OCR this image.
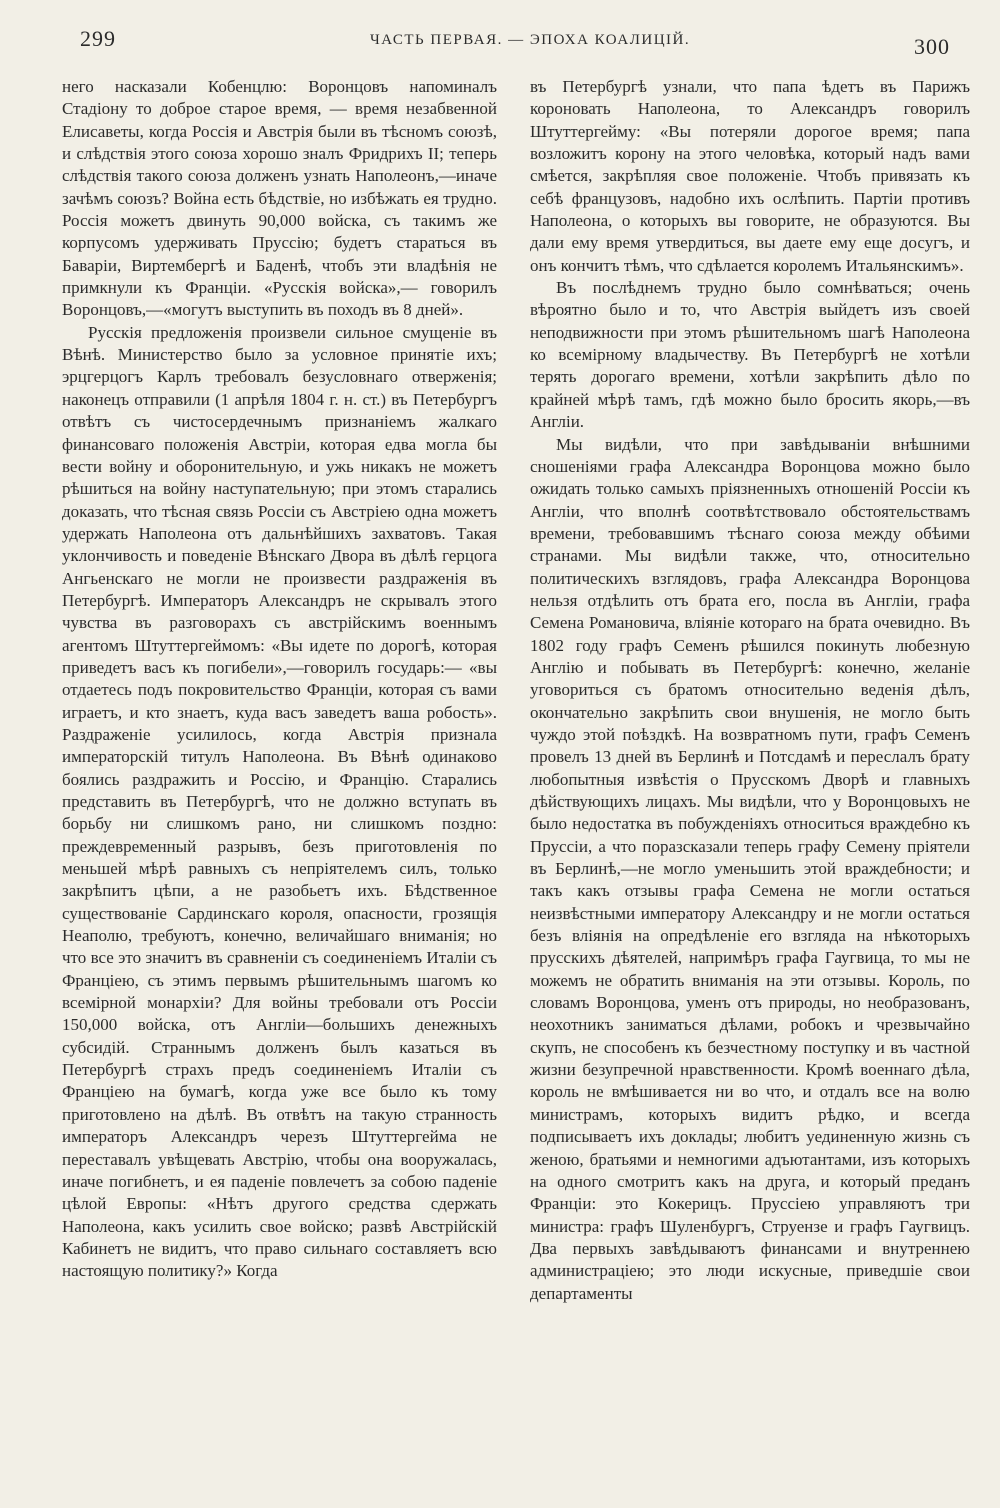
299	ЧАСТЬ ПЕРВАЯ. — ЭПОХА КОАЛИЦІЙ.	300

него насказали Кобенцлю: Воронцовъ напоминалъ Стадіону то доброе старое время, — время незабвенной Елисаветы, когда Россія и Австрія были въ тѣсномъ союзѣ, и слѣдствія этого союза хорошо зналъ Фридрихъ II; теперь слѣдствія такого союза долженъ узнать Наполеонъ,—иначе зачѣмъ союзъ? Война есть бѣдствіе, но избѣжать ея трудно. Россія можетъ двинуть 90,000 войска, съ такимъ же корпусомъ удерживать Пруссію; будетъ стараться въ Баваріи, Виртембергѣ и Баденѣ, чтобъ эти владѣнія не примкнули къ Франціи. «Русскія войска»,— говорилъ Воронцовъ,—«могутъ выступить въ походъ въ 8 дней».

Русскія предложенія произвели сильное смущеніе въ Вѣнѣ. Министерство было за условное принятіе ихъ; эрцгерцогъ Карлъ требовалъ безусловнаго отверженія; наконецъ отправили (1 апрѣля 1804 г. н. ст.) въ Петербургъ отвѣтъ съ чистосердечнымъ признаніемъ жалкаго финансоваго положенія Австріи, которая едва могла бы вести войну и оборонительную, и ужь никакъ не можетъ рѣшиться на войну наступательную; при этомъ старались доказать, что тѣсная связь Россіи съ Австріею одна можетъ удержать Наполеона отъ дальнѣйшихъ захватовъ. Такая уклончивость и поведеніе Вѣнскаго Двора въ дѣлѣ герцога Ангьенскаго не могли не произвести раздраженія въ Петербургѣ. Императоръ Александръ не скрывалъ этого чувства въ разговорахъ съ австрійскимъ военнымъ агентомъ Штуттергеймомъ: «Вы идете по дорогѣ, которая приведетъ васъ къ погибели»,—говорилъ государь:— «вы отдаетесь подъ покровительство Франціи, которая съ вами играетъ, и кто знаетъ, куда васъ заведетъ ваша робость». Раздраженіе усилилось, когда Австрія признала императорскій титулъ Наполеона. Въ Вѣнѣ одинаково боялись раздражить и Россію, и Францію. Старались представить въ Петербургѣ, что не должно вступать въ борьбу ни слишкомъ рано, ни слишкомъ поздно: преждевременный разрывъ, безъ приготовленія по меньшей мѣрѣ равныхъ съ непріятелемъ силъ, только закрѣпитъ цѣпи, а не разобьетъ ихъ. Бѣдственное существованіе Сардинскаго короля, опасности, грозящія Неаполю, требуютъ, конечно, величайшаго вниманія; но что все это значитъ въ сравненіи съ соединеніемъ Италіи съ Франціею, съ этимъ первымъ рѣшительнымъ шагомъ ко всемірной монархіи? Для войны требовали отъ Россіи 150,000 войска, отъ Англіи—большихъ денежныхъ субсидій. Страннымъ долженъ былъ казаться въ Петербургѣ страхъ предъ соединеніемъ Италіи съ Франціею на бумагѣ, когда уже все было къ тому приготовлено на дѣлѣ. Въ отвѣтъ на такую странность императоръ Александръ черезъ Штуттергейма не переставалъ увѣщевать Австрію, чтобы она вооружалась, иначе погибнетъ, и ея паденіе повлечетъ за собою паденіе цѣлой Европы: «Нѣтъ другого средства сдержать Наполеона, какъ усилить свое войско; развѣ Австрійскій Кабинетъ не видитъ, что право сильнаго составляетъ всю настоящую политику?» Когда

въ Петербургѣ узнали, что папа ѣдетъ въ Парижъ короновать Наполеона, то Александръ говорилъ Штуттергейму: «Вы потеряли дорогое время; папа возложитъ корону на этого человѣка, который надъ вами смѣется, закрѣпляя свое положеніе. Чтобъ привязать къ себѣ французовъ, надобно ихъ ослѣпить. Партіи противъ Наполеона, о которыхъ вы говорите, не образуются. Вы дали ему время утвердиться, вы даете ему еще досугъ, и онъ кончитъ тѣмъ, что сдѣлается королемъ Итальянскимъ».

Въ послѣднемъ трудно было сомнѣваться; очень вѣроятно было и то, что Австрія выйдетъ изъ своей неподвижности при этомъ рѣшительномъ шагѣ Наполеона ко всемірному владычеству. Въ Петербургѣ не хотѣли терять дорогаго времени, хотѣли закрѣпить дѣло по крайней мѣрѣ тамъ, гдѣ можно было бросить якорь,—въ Англіи.

Мы видѣли, что при завѣдываніи внѣшними сношеніями графа Александра Воронцова можно было ожидать только самыхъ пріязненныхъ отношеній Россіи къ Англіи, что вполнѣ соотвѣтствовало обстоятельствамъ времени, требовавшимъ тѣснаго союза между обѣими странами. Мы видѣли также, что, относительно политическихъ взглядовъ, графа Александра Воронцова нельзя отдѣлить отъ брата его, посла въ Англіи, графа Семена Романовича, вліяніе котораго на брата очевидно. Въ 1802 году графъ Семенъ рѣшился покинуть любезную Англію и побывать въ Петербургѣ: конечно, желаніе уговориться съ братомъ относительно веденія дѣлъ, окончательно закрѣпить свои внушенія, не могло быть чуждо этой поѣздкѣ. На возвратномъ пути, графъ Семенъ провелъ 13 дней въ Берлинѣ и Потсдамѣ и переслалъ брату любопытныя извѣстія о Прусскомъ Дворѣ и главныхъ дѣйствующихъ лицахъ. Мы видѣли, что у Воронцовыхъ не было недостатка въ побужденіяхъ относиться враждебно къ Пруссіи, а что поразсказали теперь графу Семену пріятели въ Берлинѣ,—не могло уменьшить этой враждебности; и такъ какъ отзывы графа Семена не могли остаться неизвѣстными императору Александру и не могли остаться безъ вліянія на опредѣленіе его взгляда на нѣкоторыхъ прусскихъ дѣятелей, напримѣръ графа Гаугвица, то мы не можемъ не обратить вниманія на эти отзывы. Король, по словамъ Воронцова, уменъ отъ природы, но необразованъ, неохотникъ заниматься дѣлами, робокъ и чрезвычайно скупъ, не способенъ къ безчестному поступку и въ частной жизни безупречной нравственности. Кромѣ военнаго дѣла, король не вмѣшивается ни во что, и отдалъ все на волю министрамъ, которыхъ видитъ рѣдко, и всегда подписываетъ ихъ доклады; любитъ уединенную жизнь съ женою, братьями и немногими адъютантами, изъ которыхъ на одного смотритъ какъ на друга, и который преданъ Франціи: это Кокерицъ. Пруссіею управляютъ три министра: графъ Шуленбургъ, Струензе и графъ Гаугвицъ. Два первыхъ завѣдываютъ финансами и внутреннею администраціею; это люди искусные, приведшіе свои департаменты
